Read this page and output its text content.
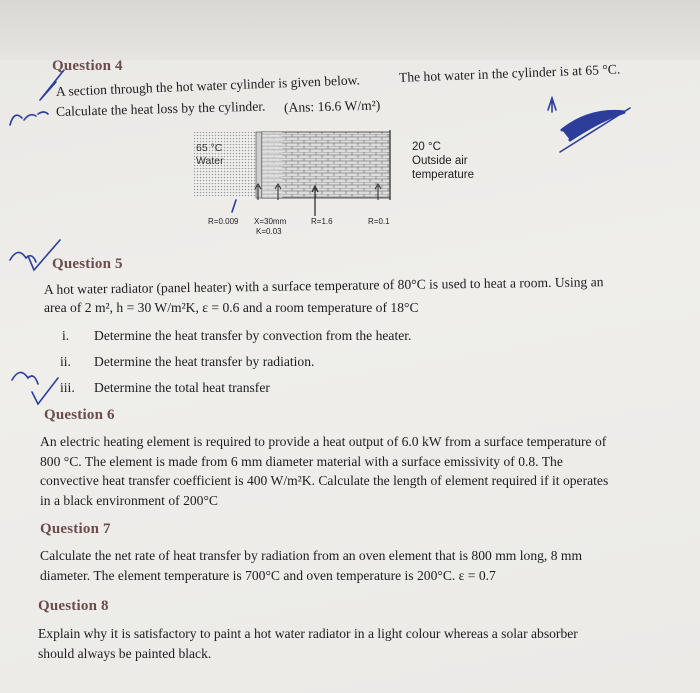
Question 4
A section through the hot water cylinder is given below.	The hot water in the cylinder is at 65 °C.
Calculate the heat loss by the cylinder. (Ans: 16.6 W/m²)
65 °C
Water
R=0.009 X=30mm
K=0.03
R=1.6	R=0.1
20 °C
Outside air
temperature
Question 5
A hot water radiator (panel heater) with a surface temperature of 80°C is used to heat a room. Using an
area of 2 m², h = 30 W/m²K, ε = 0.6 and a room temperature of 18°C
i. Determine the heat transfer by convection from the heater.
ii. Determine the heat transfer by radiation.
iii. Determine the total heat transfer
Question 6
An electric heating element is required to provide a heat output of 6.0 kW from a surface temperature of
800 °C. The element is made from 6 mm diameter material with a surface emissivity of 0.8. The
convective heat transfer coefficient is 400 W/m²K. Calculate the length of element required if it operates
in a black environment of 200°C
Question 7
Calculate the net rate of heat transfer by radiation from an oven element that is 800 mm long, 8 mm
diameter. The element temperature is 700°C and oven temperature is 200°C. ε = 0.7
Question 8
Explain why it is satisfactory to paint a hot water radiator in a light colour whereas a solar absorber
should always be painted black.
